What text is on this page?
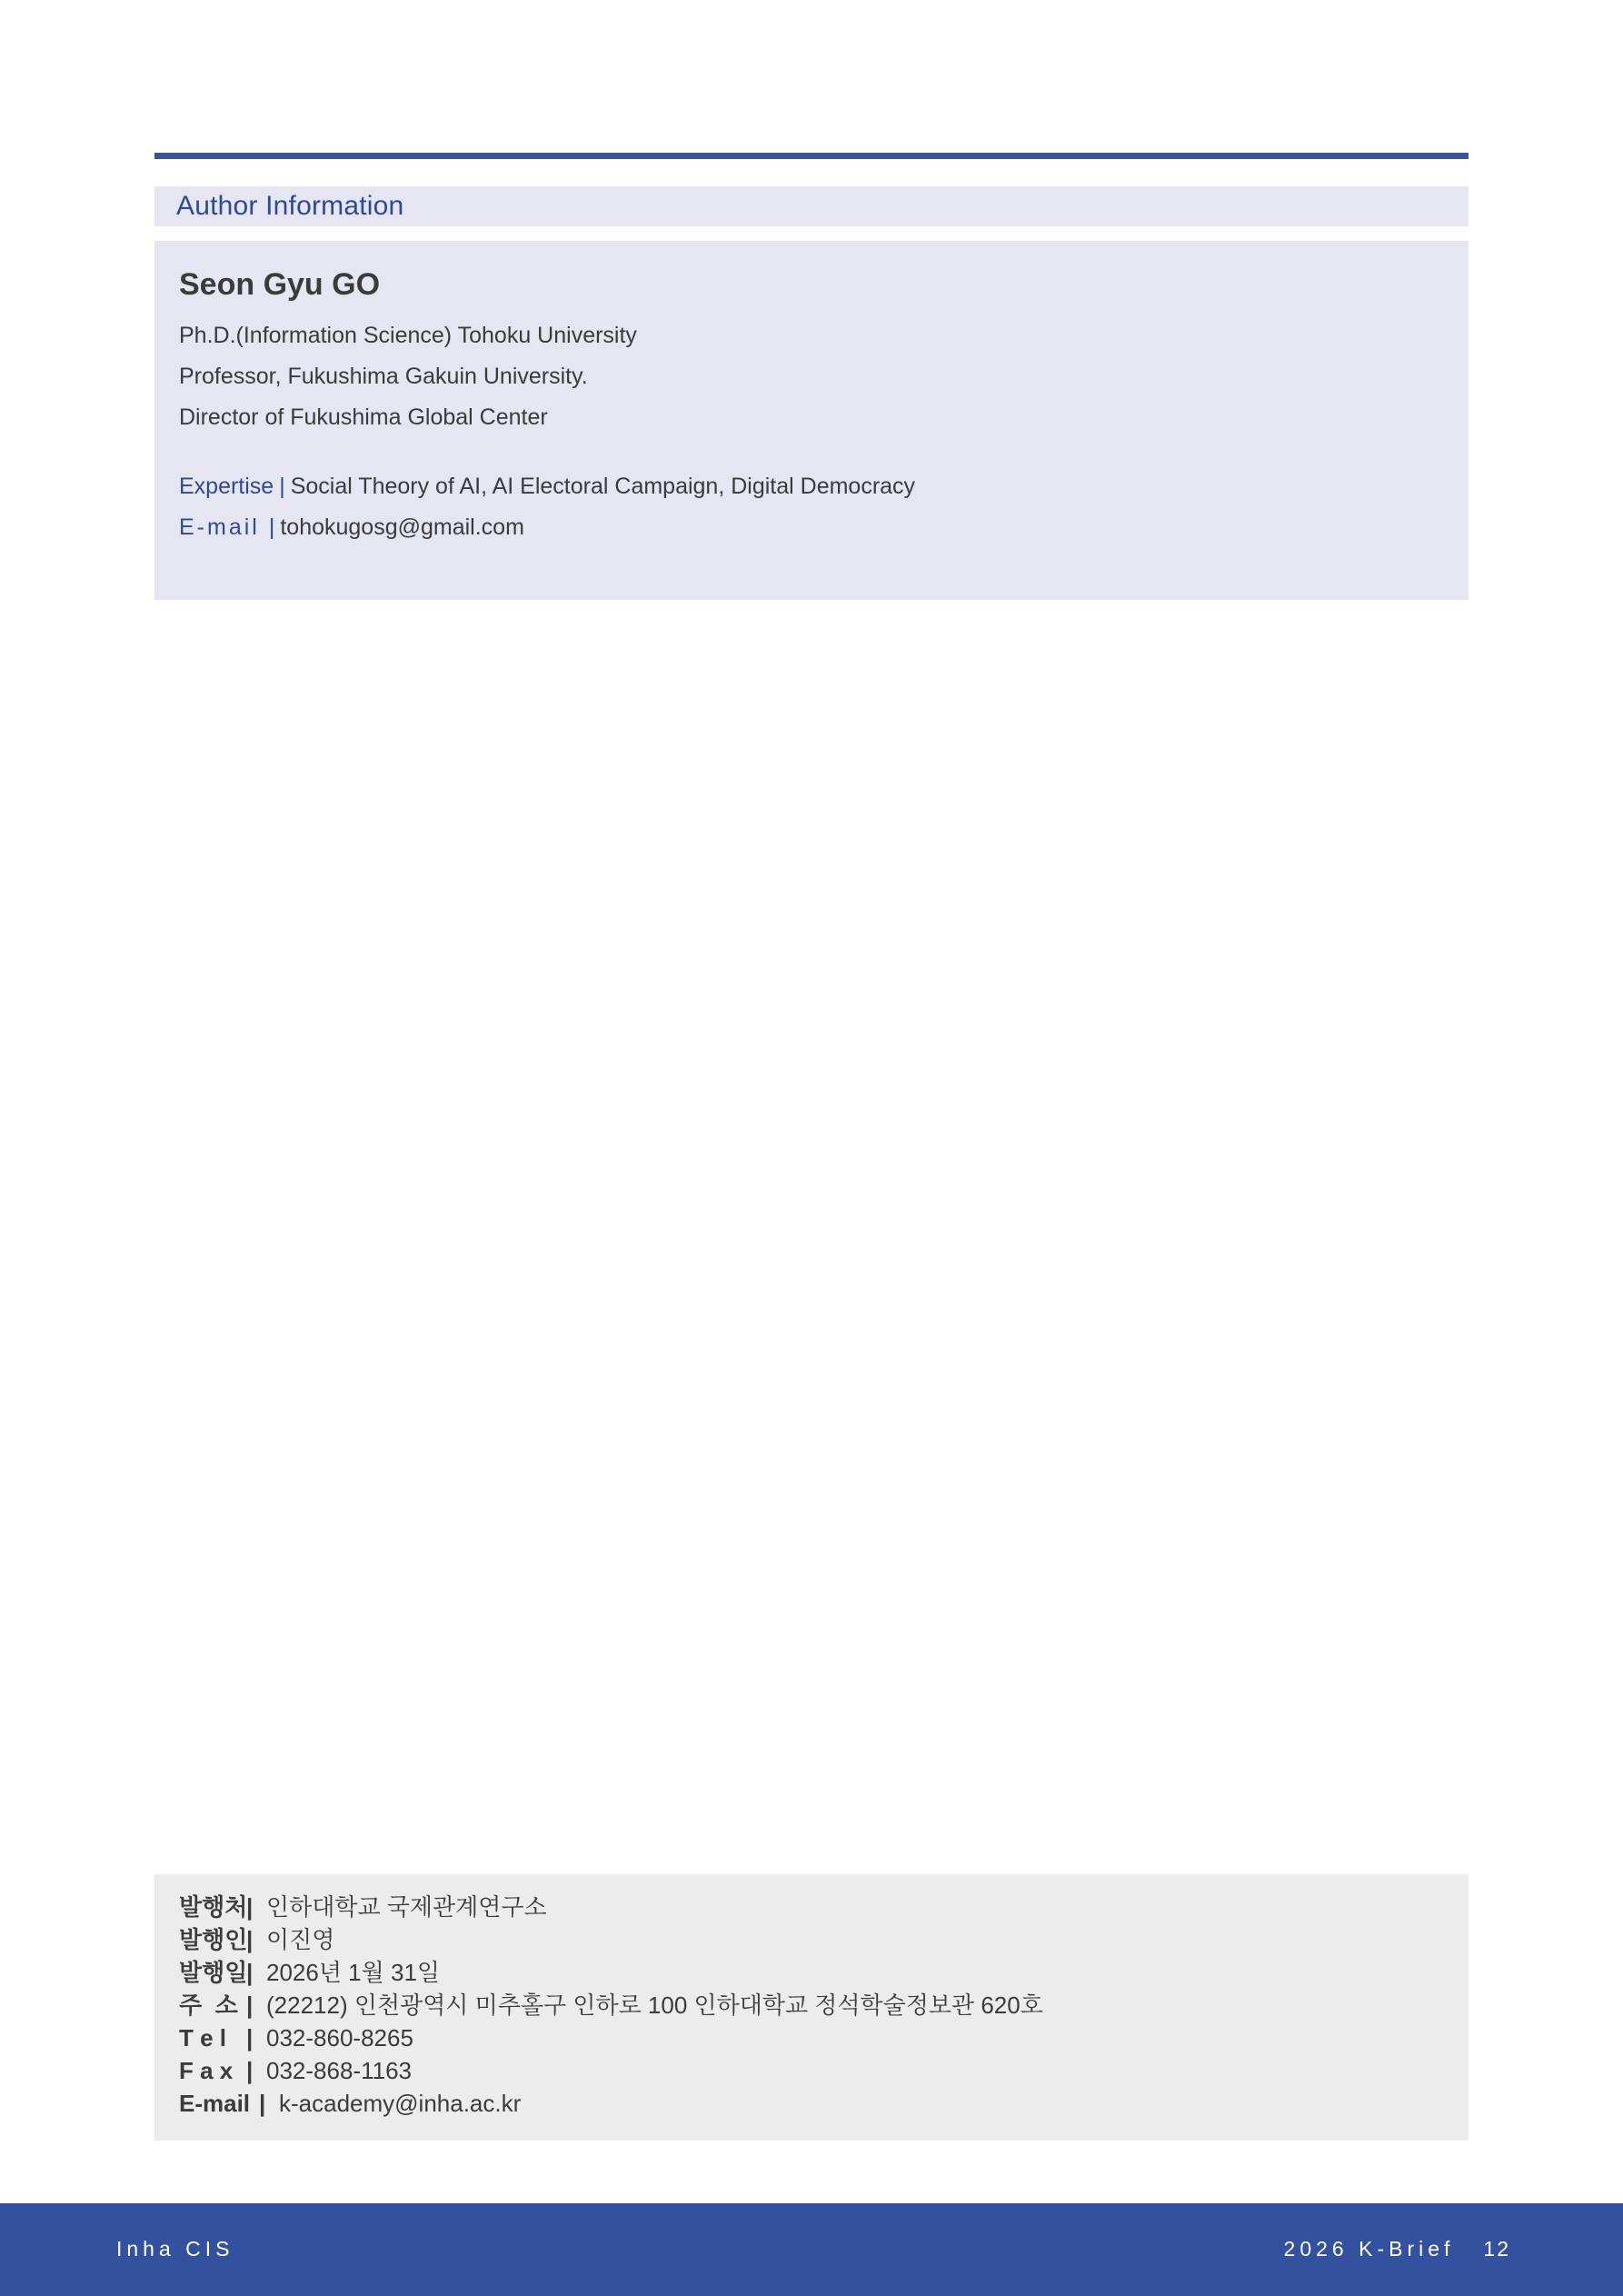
Author Information
Seon Gyu GO
Ph.D.(Information Science) Tohoku University
Professor, Fukushima Gakuin University.
Director of Fukushima Global Center
Expertise | Social Theory of AI, AI Electoral Campaign, Digital Democracy
E-mail | tohokugosg@gmail.com
발행처| 인하대학교 국제관계연구소
발행인| 이진영
발행일| 2026년 1월 31일
주  소 | (22212) 인천광역시 미추홀구 인하로 100 인하대학교 정석학술정보관 620호
T e l | 032-860-8265
F a x | 032-868-1163
E-mail | k-academy@inha.ac.kr
Inha CIS	2026 K-Brief 12
